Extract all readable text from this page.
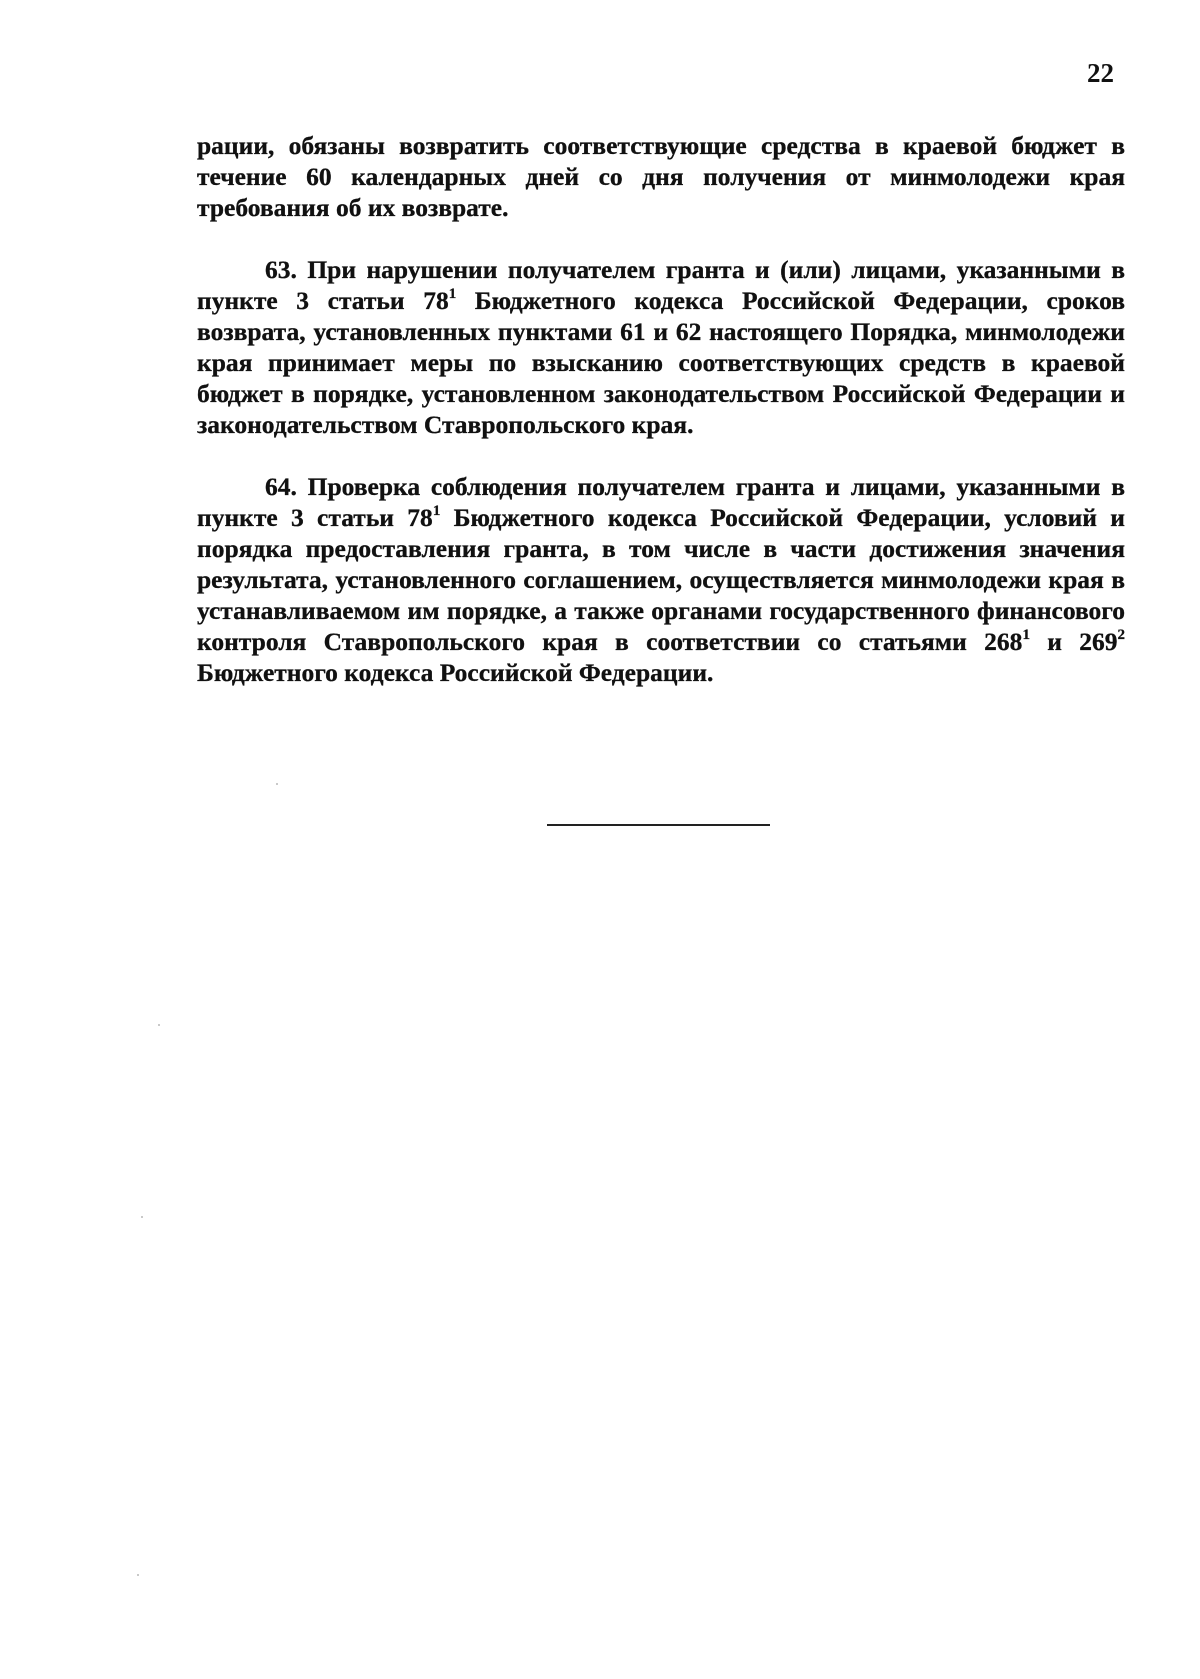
22

рации, обязаны возвратить соответствующие средства в краевой бюджет в течение 60 календарных дней со дня получения от минмолодежи края требования об их возврате.

63. При нарушении получателем гранта и (или) лицами, указанными в пункте 3 статьи $78^1$ Бюджетного кодекса Российской Федерации, сроков возврата, установленных пунктами 61 и 62 настоящего Порядка, минмолодежи края принимает меры по взысканию соответствующих средств в краевой бюджет в порядке, установленном законодательством Российской Федерации и законодательством Ставропольского края.

64. Проверка соблюдения получателем гранта и лицами, указанными в пункте 3 статьи $78^1$ Бюджетного кодекса Российской Федерации, условий и порядка предоставления гранта, в том числе в части достижения значения результата, установленного соглашением, осуществляется минмолодежи края в устанавливаемом им порядке, а также органами государственного финансового контроля Ставропольского края в соответствии со статьями $268^1$ и $269^2$ Бюджетного кодекса Российской Федерации.
